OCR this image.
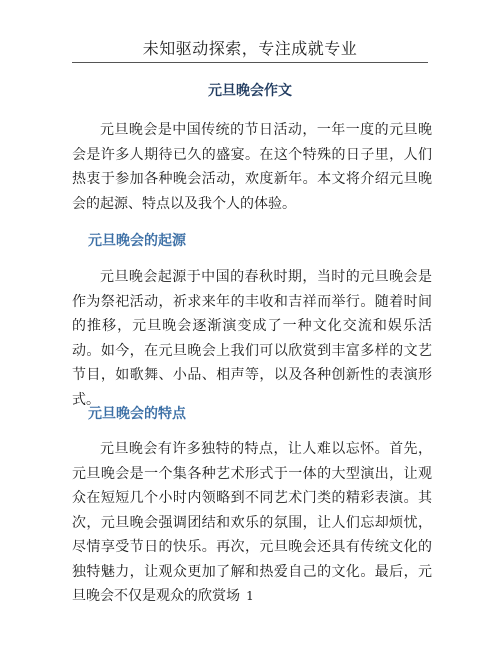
未知驱动探索，专注成就专业
元旦晚会作文

元旦晚会是中国传统的节日活动，一年一度的元旦晚会是许多人期待已久的盛宴。在这个特殊的日子里，人们热衷于参加各种晚会活动，欢度新年。本文将介绍元旦晚会的起源、特点以及我个人的体验。

元旦晚会的起源

元旦晚会起源于中国的春秋时期，当时的元旦晚会是作为祭祀活动，祈求来年的丰收和吉祥而举行。随着时间的推移，元旦晚会逐渐演变成了一种文化交流和娱乐活动。如今，在元旦晚会上我们可以欣赏到丰富多样的文艺节目，如歌舞、小品、相声等，以及各种创新性的表演形式。

元旦晚会的特点

元旦晚会有许多独特的特点，让人难以忘怀。首先，元旦晚会是一个集各种艺术形式于一体的大型演出，让观众在短短几个小时内领略到不同艺术门类的精彩表演。其次，元旦晚会强调团结和欢乐的氛围，让人们忘却烦忧，尽情享受节日的快乐。再次，元旦晚会还具有传统文化的独特魅力，让观众更加了解和热爱自己的文化。最后，元旦晚会不仅是观众的欣赏场 1
